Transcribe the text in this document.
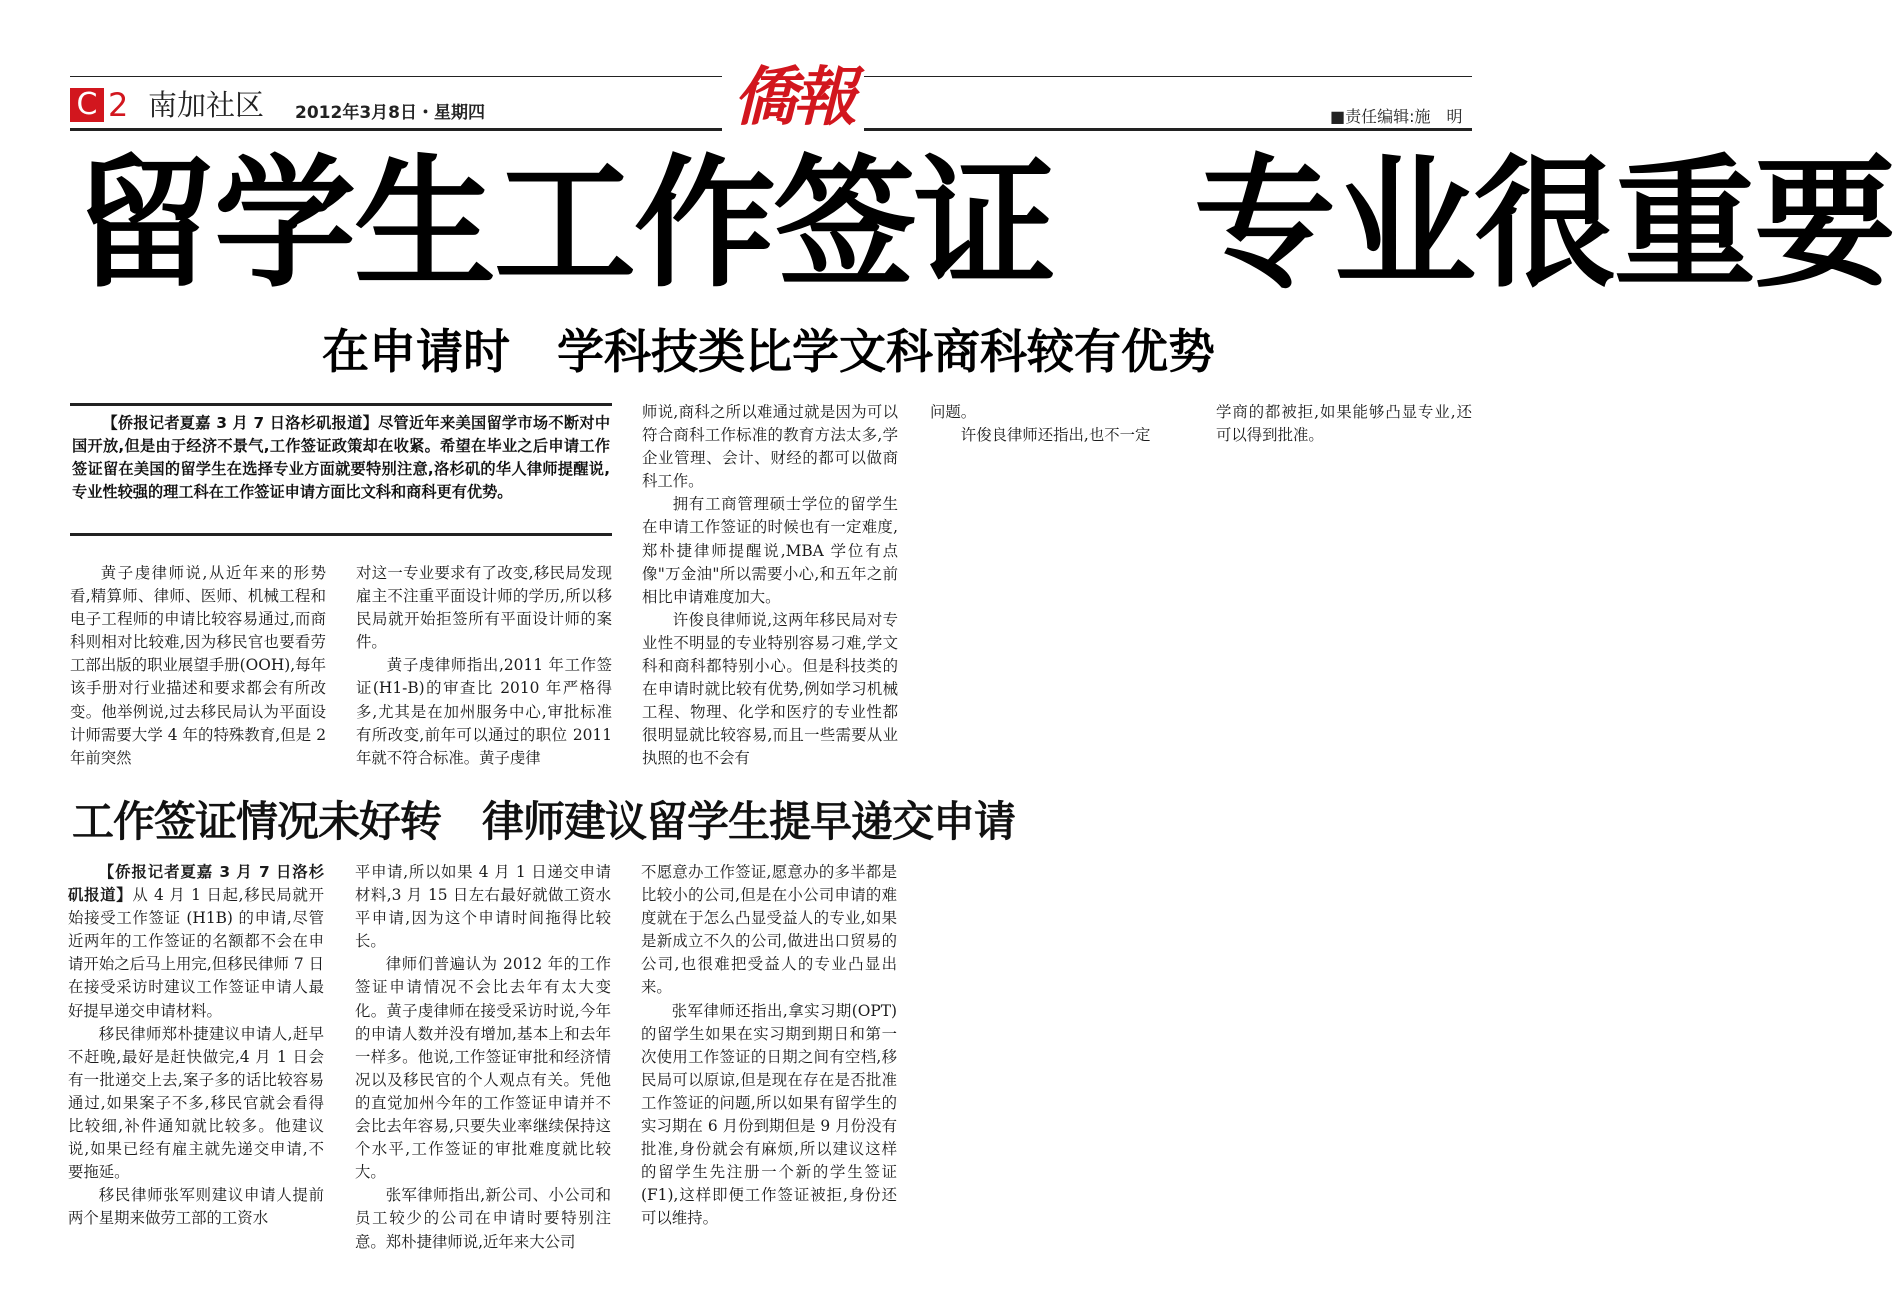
C 2 南加社区 2012年3月8日・星期四	僑報	■责任编辑:施　明
留学生工作签证　专业很重要
在申请时　学科技类比学文科商科较有优势
【侨报记者夏嘉 3 月 7 日洛杉矶报道】尽管近年来美国留学市场不断对中国开放,但是由于经济不景气,工作签证政策却在收紧。希望在毕业之后申请工作签证留在美国的留学生在选择专业方面就要特别注意,洛杉矶的华人律师提醒说,专业性较强的理工科在工作签证申请方面比文科和商科更有优势。

黄子虔律师说,从近年来的形势看,精算师、律师、医师、机械工程和电子工程师的申请比较容易通过,而商科则相对比较难,因为移民官也要看劳工部出版的职业展望手册(OOH),每年该手册对行业描述和要求都会有所改变。他举例说,过去移民局认为平面设计师需要大学 4 年的特殊教育,但是 2 年前突然

对这一专业要求有了改变,移民局发现雇主不注重平面设计师的学历,所以移民局就开始拒签所有平面设计师的案件。

黄子虔律师指出,2011 年工作签证(H1-B)的审查比 2010 年严格得多,尤其是在加州服务中心,审批标准有所改变,前年可以通过的职位 2011 年就不符合标准。黄子虔律

师说,商科之所以难通过就是因为可以符合商科工作标准的教育方法太多,学企业管理、会计、财经的都可以做商科工作。

拥有工商管理硕士学位的留学生在申请工作签证的时候也有一定难度,郑朴捷律师提醒说,MBA 学位有点像"万金油"所以需要小心,和五年之前相比申请难度加大。

许俊良律师说,这两年移民局对专业性不明显的专业特别容易刁难,学文科和商科都特别小心。但是科技类的在申请时就比较有优势,例如学习机械工程、物理、化学和医疗的专业性都很明显就比较容易,而且一些需要从业执照的也不会有

问题。

许俊良律师还指出,也不一定

学商的都被拒,如果能够凸显专业,还可以得到批准。

工作签证情况未好转　律师建议留学生提早递交申请

【侨报记者夏嘉 3 月 7 日洛杉矶报道】从 4 月 1 日起,移民局就开始接受工作签证 (H1B) 的申请,尽管近两年的工作签证的名额都不会在申请开始之后马上用完,但移民律师 7 日在接受采访时建议工作签证申请人最好提早递交申请材料。

移民律师郑朴捷建议申请人,赶早不赶晚,最好是赶快做完,4 月 1 日会有一批递交上去,案子多的话比较容易通过,如果案子不多,移民官就会看得比较细,补件通知就比较多。他建议说,如果已经有雇主就先递交申请,不要拖延。

移民律师张军则建议申请人提前两个星期来做劳工部的工资水

平申请,所以如果 4 月 1 日递交申请材料,3 月 15 日左右最好就做工资水平申请,因为这个申请时间拖得比较长。

律师们普遍认为 2012 年的工作签证申请情况不会比去年有太大变化。黄子虔律师在接受采访时说,今年的申请人数并没有增加,基本上和去年一样多。他说,工作签证审批和经济情况以及移民官的个人观点有关。凭他的直觉加州今年的工作签证申请并不会比去年容易,只要失业率继续保持这个水平,工作签证的审批难度就比较大。

张军律师指出,新公司、小公司和员工较少的公司在申请时要特别注意。郑朴捷律师说,近年来大公司

不愿意办工作签证,愿意办的多半都是比较小的公司,但是在小公司申请的难度就在于怎么凸显受益人的专业,如果是新成立不久的公司,做进出口贸易的公司,也很难把受益人的专业凸显出来。

张军律师还指出,拿实习期(OPT)的留学生如果在实习期到期日和第一次使用工作签证的日期之间有空档,移民局可以原谅,但是现在存在是否批准工作签证的问题,所以如果有留学生的实习期在 6 月份到期但是 9 月份没有批准,身份就会有麻烦,所以建议这样的留学生先注册一个新的学生签证(F1),这样即便工作签证被拒,身份还可以维持。
